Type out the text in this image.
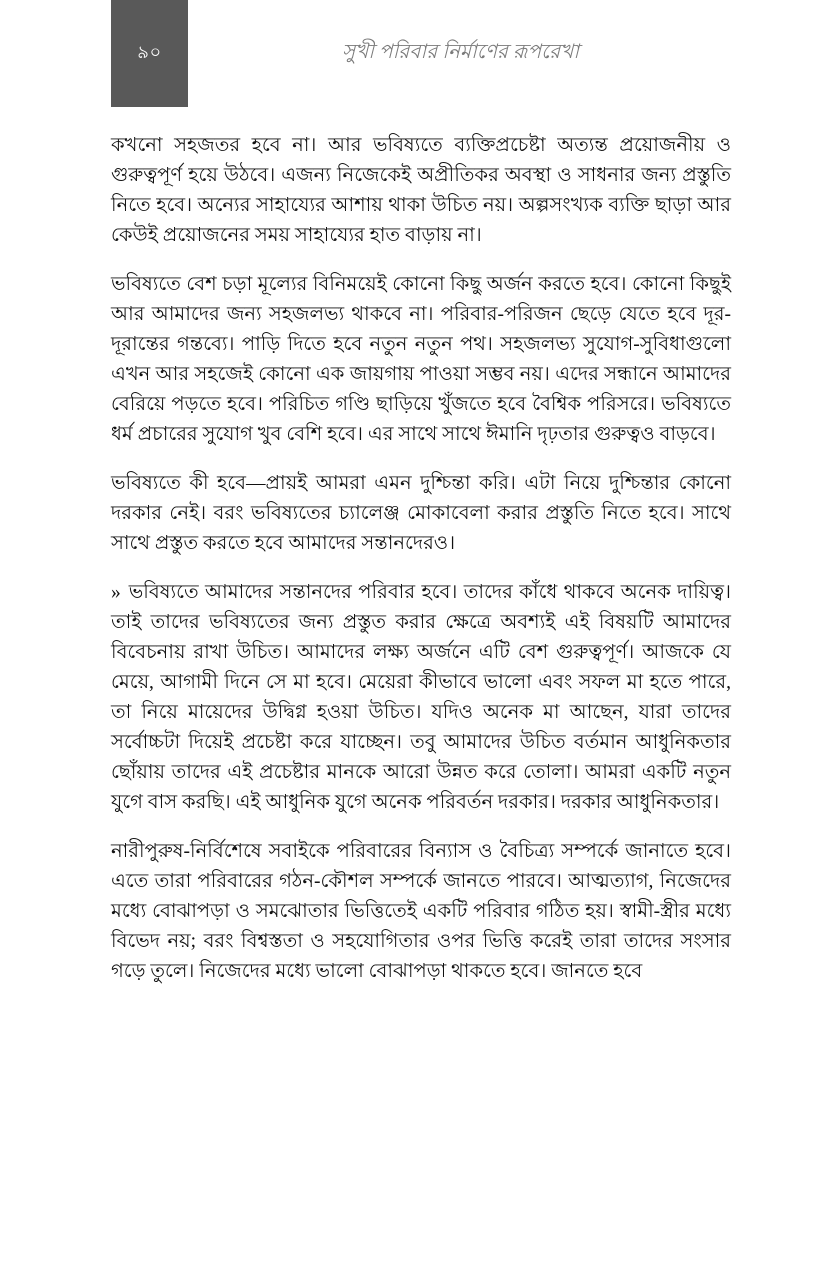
৯০	সুখী পরিবার নির্মাণের রূপরেখা

কখনো সহজতর হবে না। আর ভবিষ্যতে ব্যক্তিপ্রচেষ্টা অত্যন্ত প্রয়োজনীয় ও গুরুত্বপূর্ণ হয়ে উঠবে। এজন্য নিজেকেই অপ্রীতিকর অবস্থা ও সাধনার জন্য প্রস্তুতি নিতে হবে। অন্যের সাহায্যের আশায় থাকা উচিত নয়। অল্পসংখ্যক ব্যক্তি ছাড়া আর কেউই প্রয়োজনের সময় সাহায্যের হাত বাড়ায় না।

ভবিষ্যতে বেশ চড়া মূল্যের বিনিময়েই কোনো কিছু অর্জন করতে হবে। কোনো কিছুই আর আমাদের জন্য সহজলভ্য থাকবে না। পরিবার-পরিজন ছেড়ে যেতে হবে দূর-দূরান্তের গন্তব্যে। পাড়ি দিতে হবে নতুন নতুন পথ। সহজলভ্য সুযোগ-সুবিধাগুলো এখন আর সহজেই কোনো এক জায়গায় পাওয়া সম্ভব নয়। এদের সন্ধানে আমাদের বেরিয়ে পড়তে হবে। পরিচিত গণ্ডি ছাড়িয়ে খুঁজতে হবে বৈশ্বিক পরিসরে। ভবিষ্যতে ধর্ম প্রচারের সুযোগ খুব বেশি হবে। এর সাথে সাথে ঈমানি দৃঢ়তার গুরুত্বও বাড়বে।

ভবিষ্যতে কী হবে—প্রায়ই আমরা এমন দুশ্চিন্তা করি। এটা নিয়ে দুশ্চিন্তার কোনো দরকার নেই। বরং ভবিষ্যতের চ্যালেঞ্জ মোকাবেলা করার প্রস্তুতি নিতে হবে। সাথে সাথে প্রস্তুত করতে হবে আমাদের সন্তানদেরও।

» ভবিষ্যতে আমাদের সন্তানদের পরিবার হবে। তাদের কাঁধে থাকবে অনেক দায়িত্ব। তাই তাদের ভবিষ্যতের জন্য প্রস্তুত করার ক্ষেত্রে অবশ্যই এই বিষয়টি আমাদের বিবেচনায় রাখা উচিত। আমাদের লক্ষ্য অর্জনে এটি বেশ গুরুত্বপূর্ণ। আজকে যে মেয়ে, আগামী দিনে সে মা হবে। মেয়েরা কীভাবে ভালো এবং সফল মা হতে পারে, তা নিয়ে মায়েদের উদ্বিগ্ন হওয়া উচিত। যদিও অনেক মা আছেন, যারা তাদের সর্বোচ্চটা দিয়েই প্রচেষ্টা করে যাচ্ছেন। তবু আমাদের উচিত বর্তমান আধুনিকতার ছোঁয়ায় তাদের এই প্রচেষ্টার মানকে আরো উন্নত করে তোলা। আমরা একটি নতুন যুগে বাস করছি। এই আধুনিক যুগে অনেক পরিবর্তন দরকার। দরকার আধুনিকতার।

নারীপুরুষ-নির্বিশেষে সবাইকে পরিবারের বিন্যাস ও বৈচিত্র্য সম্পর্কে জানাতে হবে। এতে তারা পরিবারের গঠন-কৌশল সম্পর্কে জানতে পারবে। আত্মত্যাগ, নিজেদের মধ্যে বোঝাপড়া ও সমঝোতার ভিত্তিতেই একটি পরিবার গঠিত হয়। স্বামী-স্ত্রীর মধ্যে বিভেদ নয়; বরং বিশ্বস্ততা ও সহযোগিতার ওপর ভিত্তি করেই তারা তাদের সংসার গড়ে তুলে। নিজেদের মধ্যে ভালো বোঝাপড়া থাকতে হবে। জানতে হবে
